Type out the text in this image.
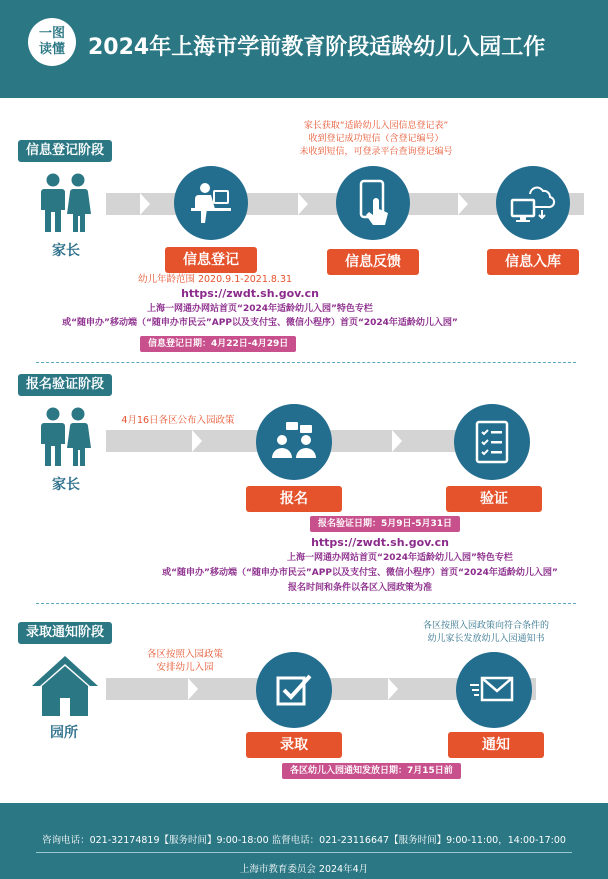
一图
读懂	2024年上海市学前教育阶段适龄幼儿入园工作
信息登记阶段
家长
信息登记	信息反馈	信息入库
家长获取“适龄幼儿入园信息登记表”
收到登记成功短信（含登记编号）
未收到短信，可登录平台查询登记编号
幼儿年龄范围 2020.9.1-2021.8.31
https://zwdt.sh.gov.cn
上海一网通办网站首页“2024年适龄幼儿入园”特色专栏
或“随申办”移动端（“随申办市民云”APP以及支付宝、微信小程序）首页“2024年适龄幼儿入园”
信息登记日期：4月22日-4月29日
报名验证阶段
家长
4月16日各区公布入园政策
报名	验证
报名验证日期：5月9日-5月31日
https://zwdt.sh.gov.cn
上海一网通办网站首页“2024年适龄幼儿入园”特色专栏
或“随申办”移动端（“随申办市民云”APP以及支付宝、微信小程序）首页“2024年适龄幼儿入园”
报名时间和条件以各区入园政策为准
录取通知阶段
园所
各区按照入园政策
安排幼儿入园
各区按照入园政策向符合条件的
幼儿家长发放幼儿入园通知书
录取	通知
各区幼儿入园通知发放日期：7月15日前
咨询电话：021-32174819【服务时间】9:00-18:00 监督电话：021-23116647【服务时间】9:00-11:00，14:00-17:00
上海市教育委员会 2024年4月
